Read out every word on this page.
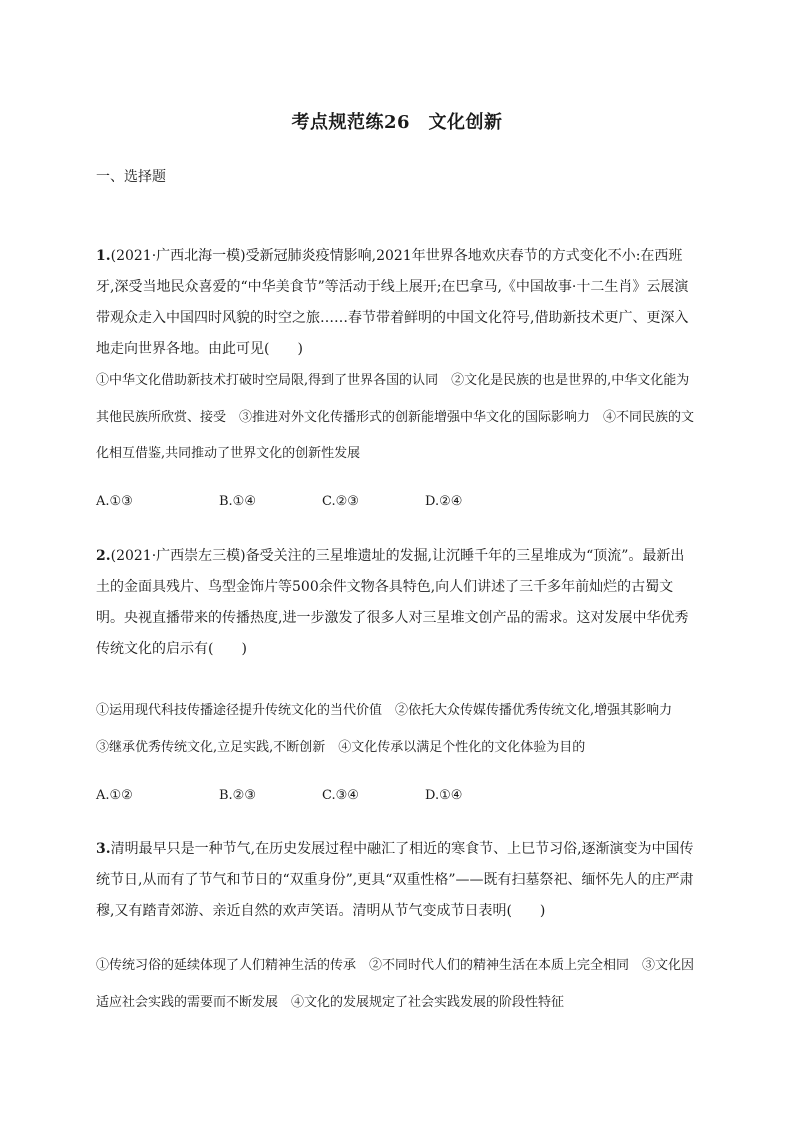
考点规范练26　文化创新
一、选择题
1.(2021·广西北海一模)受新冠肺炎疫情影响,2021年世界各地欢庆春节的方式变化不小:在西班牙,深受当地民众喜爱的“中华美食节”等活动于线上展开;在巴拿马,《中国故事·十二生肖》云展演带观众走入中国四时风貌的时空之旅……春节带着鲜明的中国文化符号,借助新技术更广、更深入地走向世界各地。由此可见(　　)
①中华文化借助新技术打破时空局限,得到了世界各国的认同　②文化是民族的也是世界的,中华文化能为其他民族所欣赏、接受　③推进对外文化传播形式的创新能增强中华文化的国际影响力　④不同民族的文化相互借鉴,共同推动了世界文化的创新性发展
A.①③	B.①④	C.②③	D.②④
2.(2021·广西崇左三模)备受关注的三星堆遗址的发掘,让沉睡千年的三星堆成为“顶流”。最新出土的金面具残片、鸟型金饰片等500余件文物各具特色,向人们讲述了三千多年前灿烂的古蜀文明。央视直播带来的传播热度,进一步激发了很多人对三星堆文创产品的需求。这对发展中华优秀传统文化的启示有(　　)
①运用现代科技传播途径提升传统文化的当代价值　②依托大众传媒传播优秀传统文化,增强其影响力　③继承优秀传统文化,立足实践,不断创新　④文化传承以满足个性化的文化体验为目的
A.①②	B.②③	C.③④	D.①④
3.清明最早只是一种节气,在历史发展过程中融汇了相近的寒食节、上巳节习俗,逐渐演变为中国传统节日,从而有了节气和节日的“双重身份”,更具“双重性格”——既有扫墓祭祀、缅怀先人的庄严肃穆,又有踏青郊游、亲近自然的欢声笑语。清明从节气变成节日表明(　　)
①传统习俗的延续体现了人们精神生活的传承　②不同时代人们的精神生活在本质上完全相同　③文化因适应社会实践的需要而不断发展　④文化的发展规定了社会实践发展的阶段性特征
